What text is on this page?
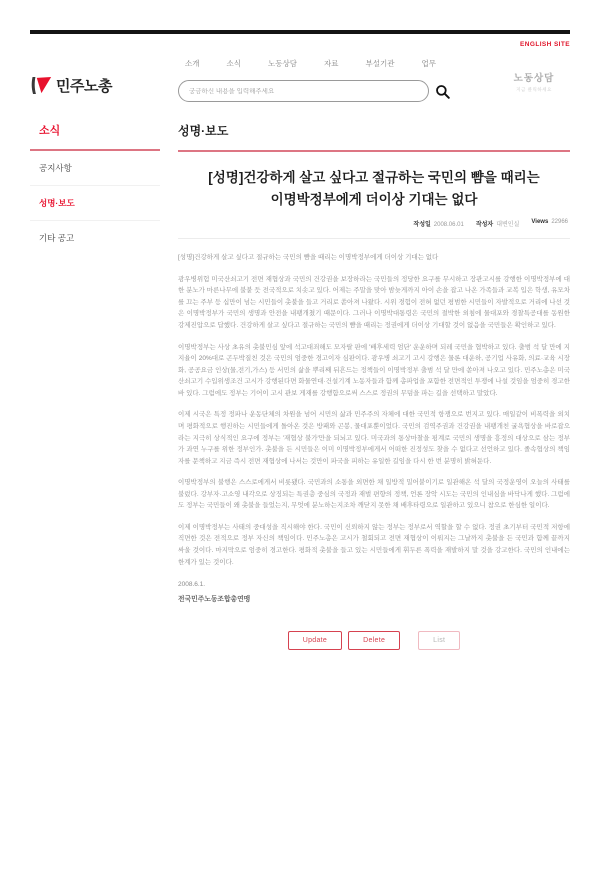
ENGLISH SITE
민주노총
소개	소식	노동상담	자료	부설기관	업무
궁금하신 내용을 입력해주세요
노동상담
지금 클릭하세요
소식
공지사항
성명·보도
기타 공고
성명·보도
[성명]건강하게 살고 싶다고 절규하는 국민의 뺨을 때리는
이명박정부에게 더이상 기대는 없다
작성일 2008.06.01 작성자 대변인실 Views 22966

[성명]건강하게 살고 싶다고 절규하는 국민의 뺨을 때리는 이명박정부에게 더이상 기대는 없다

광우병위험 미국산쇠고기 전면 재협상과 국민의 건강권을 보장하라는 국민들의 정당한 요구를 무시하고 장관고시를 강행한 이명박정부에 대한 분노가 마른나무에 불붙 듯 전국적으로 치솟고 있다. 어제는 주말을 맞아 밤늦게까지 아이 손을 잡고 나온 가족들과 교복 입은 학생, 유모차를 끄는 주부 등 십만이 넘는 시민들이 촛불을 들고 거리로 쏟아져 나왔다. 시위 경험이 전혀 없던 평범한 시민들이 자발적으로 거리에 나선 것은 이명박정부가 국민의 생명과 안전을 내팽개쳤기 때문이다. 그러나 이명박대통령은 국민의 절박한 외침에 물대포와 경찰특공대를 동원한 강제진압으로 답했다. 건강하게 살고 싶다고 절규하는 국민의 뺨을 때리는 정권에게 더이상 기대할 것이 없음을 국민들은 확인하고 있다.

이명박정부는 사상 초유의 촛불민심 앞에 석고대죄해도 모자랄 판에 '배후세력 엄단' 운운하며 되레 국민을 협박하고 있다. 출범 석 달 만에 지지율이 20%대로 곤두박질친 것은 국민의 엄중한 경고이자 심판이다. 광우병 쇠고기 고시 강행은 물론 대운하, 공기업 사유화, 의료·교육 시장화, 공공요금 인상(물,전기,가스) 등 서민의 삶을 뿌리째 뒤흔드는 정책들이 이명박정부 출범 석 달 만에 쏟아져 나오고 있다. 민주노총은 미국산쇠고기 수입위생조건 고시가 강행된다면 화물연대·건설기계 노동자들과 함께 총파업을 포함한 전면적인 투쟁에 나설 것임을 엄중히 경고한 바 있다. 그럼에도 정부는 기어이 고시 관보 게재를 강행함으로써 스스로 정권의 무덤을 파는 길을 선택하고 말았다.

이제 시국은 특정 정파나 운동단체의 차원을 넘어 시민의 삶과 민주주의 자체에 대한 국민적 항쟁으로 번지고 있다. 매일같이 비폭력을 외치며 평화적으로 행진하는 시민들에게 돌아온 것은 방패와 곤봉, 물대포뿐이었다. 국민의 검역주권과 건강권을 내팽개친 굴욕협상을 바로잡으라는 지극히 상식적인 요구에 정부는 '재협상 불가'만을 되뇌고 있다. 미국과의 통상마찰을 핑계로 국민의 생명을 흥정의 대상으로 삼는 정부가 과연 누구를 위한 정부인가. 촛불을 든 시민들은 이미 이명박정부에게서 어떠한 진정성도 찾을 수 없다고 선언하고 있다. 졸속협상의 책임자를 문책하고 지금 즉시 전면 재협상에 나서는 것만이 파국을 피하는 유일한 길임을 다시 한 번 분명히 밝혀둔다.

이명박정부의 불행은 스스로에게서 비롯됐다. 국민과의 소통을 외면한 채 일방적 밀어붙이기로 일관해온 석 달의 국정운영이 오늘의 사태를 불렀다. 강부자·고소영 내각으로 상징되는 특권층 중심의 국정과 재벌 편향의 정책, 언론 장악 시도는 국민의 인내심을 바닥나게 했다. 그럼에도 정부는 국민들이 왜 촛불을 들었는지, 무엇에 분노하는지조차 깨닫지 못한 채 배후타령으로 일관하고 있으니 참으로 한심한 일이다.

이제 이명박정부는 사태의 중대성을 직시해야 한다. 국민이 신뢰하지 않는 정부는 정부로서 역할을 할 수 없다. 정권 초기부터 국민적 저항에 직면한 것은 전적으로 정부 자신의 책임이다. 민주노총은 고시가 철회되고 전면 재협상이 이뤄지는 그날까지 촛불을 든 국민과 함께 끝까지 싸울 것이다. 마지막으로 엄중히 경고한다. 평화적 촛불을 들고 있는 시민들에게 휘두른 폭력을 재발하지 말 것을 강고한다. 국민의 인내에는 한계가 있는 것이다.

2008.6.1.
전국민주노동조합총연맹
Update	Delete	List
